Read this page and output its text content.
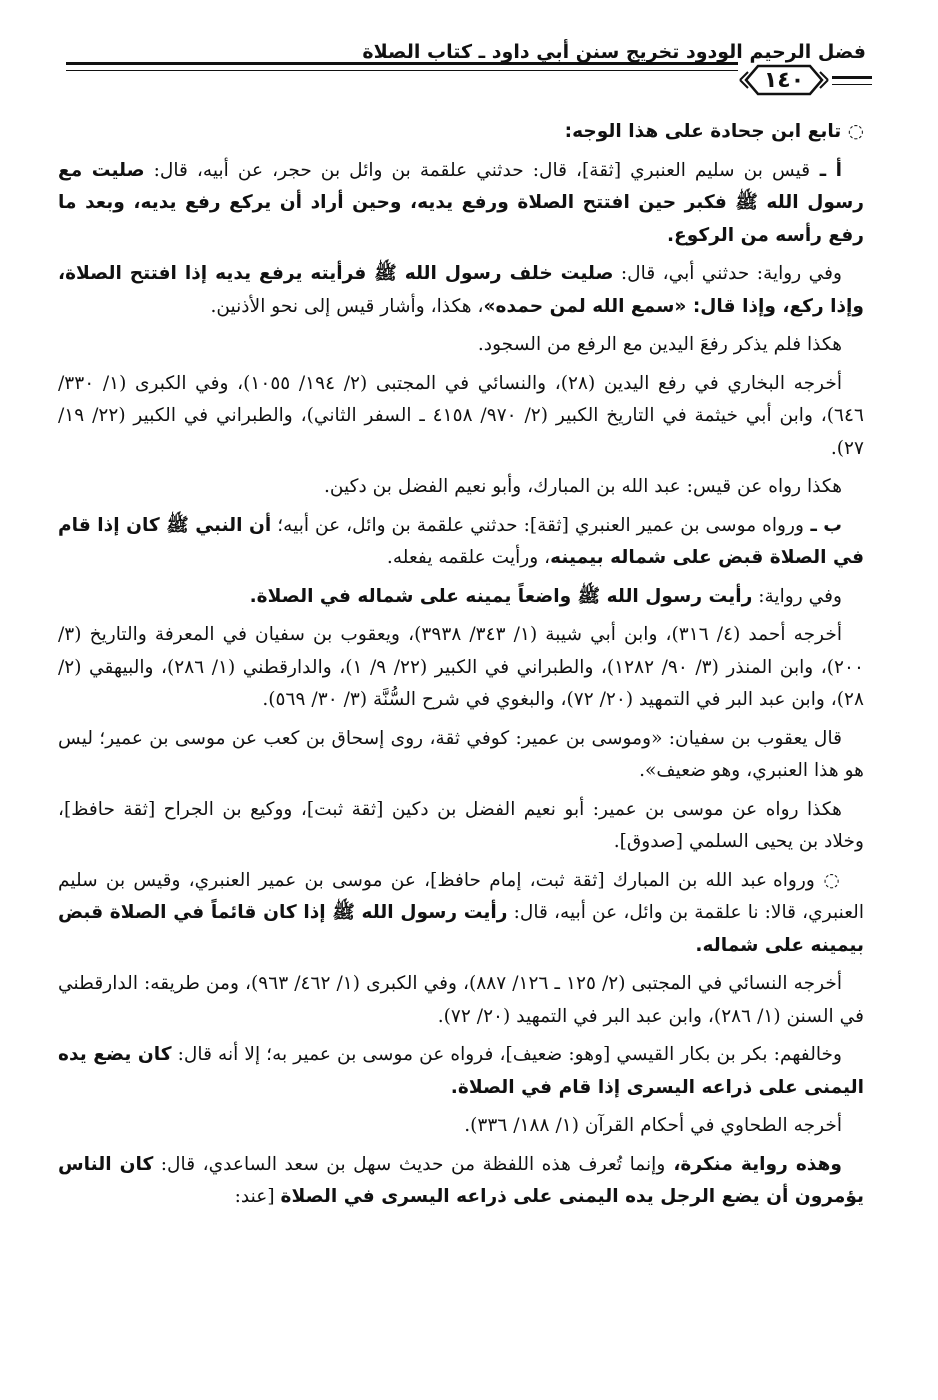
فضل الرحيم الودود تخريج سنن أبي داود ـ كتاب الصلاة
١٤٠

◌ تابع ابن جحادة على هذا الوجه:

أ ـ قيس بن سليم العنبري [ثقة]، قال: حدثني علقمة بن وائل بن حجر، عن أبيه، قال: صليت مع رسول الله ﷺ فكبر حين افتتح الصلاة ورفع يديه، وحين أراد أن يركع رفع يديه، وبعد ما رفع رأسه من الركوع.

وفي رواية: حدثني أبي، قال: صليت خلف رسول الله ﷺ فرأيته يرفع يديه إذا افتتح الصلاة، وإذا ركع، وإذا قال: «سمع الله لمن حمده»، هكذا، وأشار قيس إلى نحو الأذنين.

هكذا فلم يذكر رفعَ اليدين مع الرفع من السجود.

أخرجه البخاري في رفع اليدين (٢٨)، والنسائي في المجتبى (٢/ ١٩٤/ ١٠٥٥)، وفي الكبرى (١/ ٣٣٠/ ٦٤٦)، وابن أبي خيثمة في التاريخ الكبير (٢/ ٩٧٠/ ٤١٥٨ ـ السفر الثاني)، والطبراني في الكبير (٢٢/ ١٩/ ٢٧).

هكذا رواه عن قيس: عبد الله بن المبارك، وأبو نعيم الفضل بن دكين.

ب ـ ورواه موسى بن عمير العنبري [ثقة]: حدثني علقمة بن وائل، عن أبيه؛ أن النبي ﷺ كان إذا قام في الصلاة قبض على شماله بيمينه، ورأيت علقمه يفعله.

وفي رواية: رأيت رسول الله ﷺ واضعاً يمينه على شماله في الصلاة.

أخرجه أحمد (٤/ ٣١٦)، وابن أبي شيبة (١/ ٣٤٣/ ٣٩٣٨)، ويعقوب بن سفيان في المعرفة والتاريخ (٣/ ٢٠٠)، وابن المنذر (٣/ ٩٠/ ١٢٨٢)، والطبراني في الكبير (٢٢/ ٩/ ١)، والدارقطني (١/ ٢٨٦)، والبيهقي (٢/ ٢٨)، وابن عبد البر في التمهيد (٢٠/ ٧٢)، والبغوي في شرح السُّنَّة (٣/ ٣٠/ ٥٦٩).

قال يعقوب بن سفيان: «وموسى بن عمير: كوفي ثقة، روى إسحاق بن كعب عن موسى بن عمير؛ ليس هو هذا العنبري، وهو ضعيف».

هكذا رواه عن موسى بن عمير: أبو نعيم الفضل بن دكين [ثقة ثبت]، ووكيع بن الجراح [ثقة حافظ]، وخلاد بن يحيى السلمي [صدوق].

◌ ورواه عبد الله بن المبارك [ثقة ثبت، إمام حافظ]، عن موسى بن عمير العنبري، وقيس بن سليم العنبري، قالا: نا علقمة بن وائل، عن أبيه، قال: رأيت رسول الله ﷺ إذا كان قائماً في الصلاة قبض بيمينه على شماله.

أخرجه النسائي في المجتبى (٢/ ١٢٥ ـ ١٢٦/ ٨٨٧)، وفي الكبرى (١/ ٤٦٢/ ٩٦٣)، ومن طريقه: الدارقطني في السنن (١/ ٢٨٦)، وابن عبد البر في التمهيد (٢٠/ ٧٢).

وخالفهم: بكر بن بكار القيسي [وهو: ضعيف]، فرواه عن موسى بن عمير به؛ إلا أنه قال: كان يضع يده اليمنى على ذراعه اليسرى إذا قام في الصلاة.

أخرجه الطحاوي في أحكام القرآن (١/ ١٨٨/ ٣٣٦).

وهذه رواية منكرة، وإنما تُعرف هذه اللفظة من حديث سهل بن سعد الساعدي، قال: كان الناس يؤمرون أن يضع الرجل يده اليمنى على ذراعه اليسرى في الصلاة [عند:
